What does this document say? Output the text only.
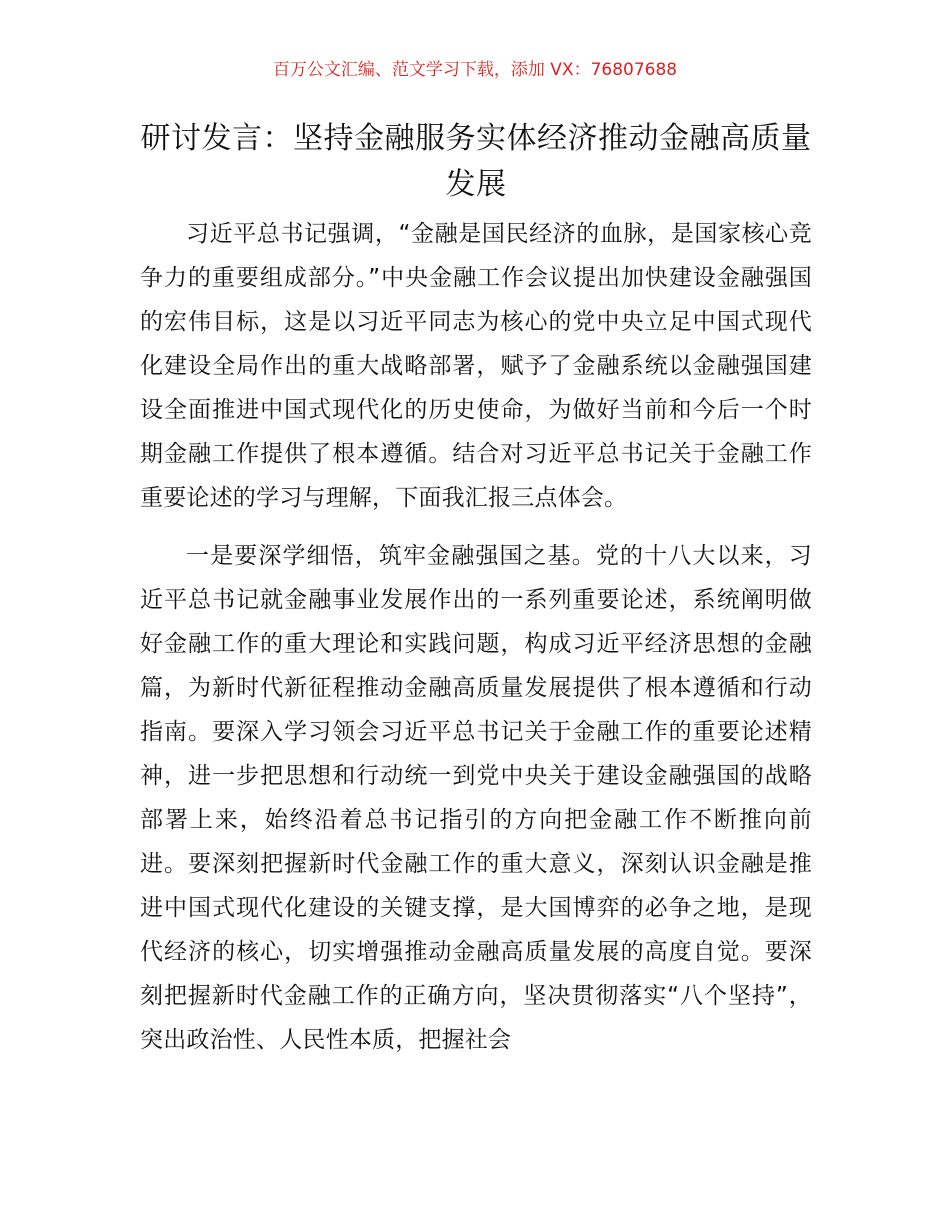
百万公文汇编、范文学习下载，添加 VX：76807688
研讨发言：坚持金融服务实体经济推动金融高质量发展

习近平总书记强调，“金融是国民经济的血脉，是国家核心竞争力的重要组成部分。”中央金融工作会议提出加快建设金融强国的宏伟目标，这是以习近平同志为核心的党中央立足中国式现代化建设全局作出的重大战略部署，赋予了金融系统以金融强国建设全面推进中国式现代化的历史使命，为做好当前和今后一个时期金融工作提供了根本遵循。结合对习近平总书记关于金融工作重要论述的学习与理解，下面我汇报三点体会。

一是要深学细悟，筑牢金融强国之基。党的十八大以来，习近平总书记就金融事业发展作出的一系列重要论述，系统阐明做好金融工作的重大理论和实践问题，构成习近平经济思想的金融篇，为新时代新征程推动金融高质量发展提供了根本遵循和行动指南。要深入学习领会习近平总书记关于金融工作的重要论述精神，进一步把思想和行动统一到党中央关于建设金融强国的战略部署上来，始终沿着总书记指引的方向把金融工作不断推向前进。要深刻把握新时代金融工作的重大意义，深刻认识金融是推进中国式现代化建设的关键支撑，是大国博弈的必争之地，是现代经济的核心，切实增强推动金融高质量发展的高度自觉。要深刻把握新时代金融工作的正确方向，坚决贯彻落实“八个坚持”，突出政治性、人民性本质，把握社会
